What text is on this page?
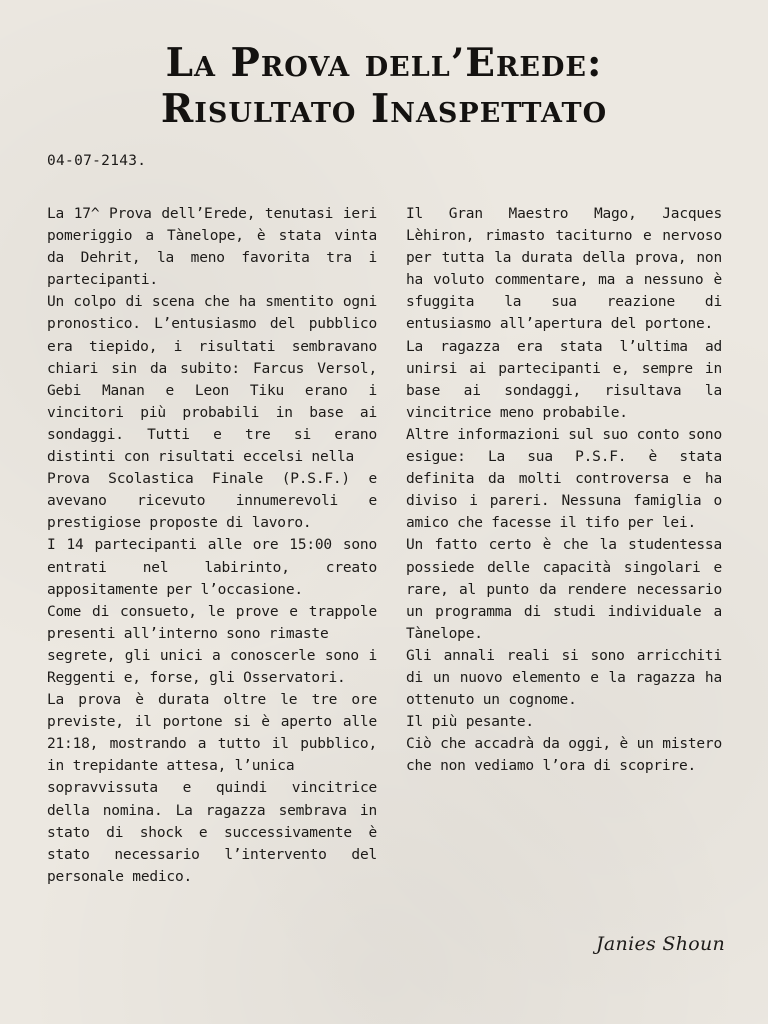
La Prova dell’Erede:
Risultato Inaspettato
04-07-2143.

La 17^ Prova dell’Erede, tenutasi ieri pomeriggio a Tànelope, è stata vinta da Dehrit, la meno favorita tra i partecipanti.

Un colpo di scena che ha smentito ogni pronostico. L’entusiasmo del pubblico era tiepido, i risultati sembravano chiari sin da subito: Farcus Versol, Gebi Manan e Leon Tiku erano i vincitori più probabili in base ai sondaggi. Tutti e tre si erano distinti con risultati eccelsi nella

Prova Scolastica Finale (P.S.F.) e avevano ricevuto innumerevoli e prestigiose proposte di lavoro.

I 14 partecipanti alle ore 15:00 sono entrati nel labirinto, creato appositamente per l’occasione.

Come di consueto, le prove e trappole presenti all’interno sono rimaste

segrete, gli unici a conoscerle sono i Reggenti e, forse, gli Osservatori.

La prova è durata oltre le tre ore previste, il portone si è aperto alle 21:18, mostrando a tutto il pubblico, in trepidante attesa, l’unica

sopravvissuta e quindi vincitrice della nomina. La ragazza sembrava in stato di shock e successivamente è stato necessario l’intervento del personale medico.

Il Gran Maestro Mago, Jacques Lèhiron, rimasto taciturno e nervoso per tutta la durata della prova, non ha voluto commentare, ma a nessuno è sfuggita la sua reazione di entusiasmo all’apertura del portone.

La ragazza era stata l’ultima ad unirsi ai partecipanti e, sempre in base ai sondaggi, risultava la vincitrice meno probabile.

Altre informazioni sul suo conto sono esigue: La sua P.S.F. è stata definita da molti controversa e ha diviso i pareri. Nessuna famiglia o amico che facesse il tifo per lei.

Un fatto certo è che la studentessa possiede delle capacità singolari e rare, al punto da rendere necessario un programma di studi individuale a Tànelope.

Gli annali reali si sono arricchiti di un nuovo elemento e la ragazza ha ottenuto un cognome.

Il più pesante.

Ciò che accadrà da oggi, è un mistero che non vediamo l’ora di scoprire.

Janies Shoun
